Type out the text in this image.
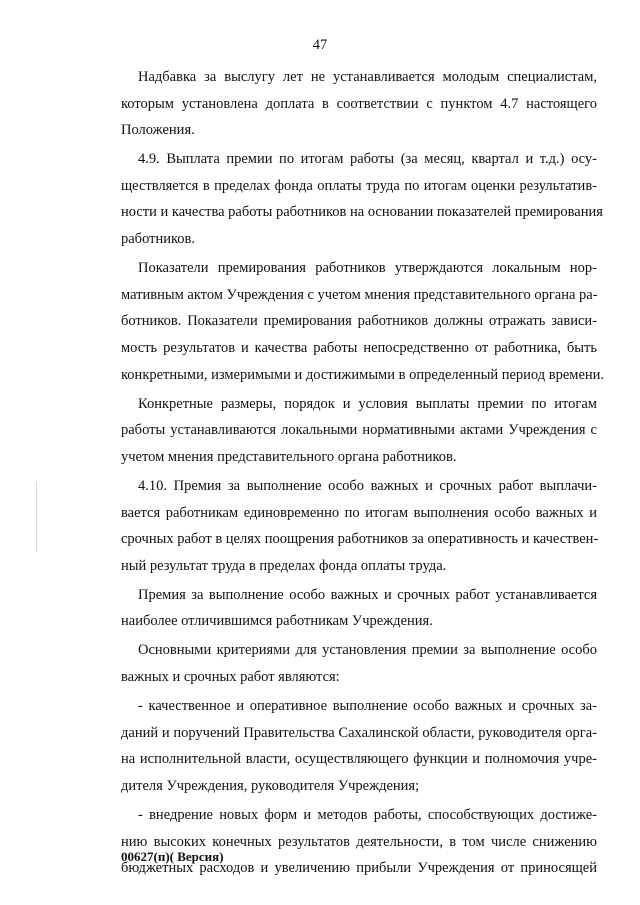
47
Надбавка за выслугу лет не устанавливается молодым специалистам,
которым установлена доплата в соответствии с пунктом 4.7 настоящего
Положения.
4.9. Выплата премии по итогам работы (за месяц, квартал и т.д.) осу-
ществляется в пределах фонда оплаты труда по итогам оценки результатив-
ности и качества работы работников на основании показателей премирования
работников.
Показатели премирования работников утверждаются локальным нор-
мативным актом Учреждения с учетом мнения представительного органа ра-
ботников. Показатели премирования работников должны отражать зависи-
мость результатов и качества работы непосредственно от работника, быть
конкретными, измеримыми и достижимыми в определенный период времени.
Конкретные размеры, порядок и условия выплаты премии по итогам
работы устанавливаются локальными нормативными актами Учреждения с
учетом мнения представительного органа работников.
4.10. Премия за выполнение особо важных и срочных работ выплачи-
вается работникам единовременно по итогам выполнения особо важных и
срочных работ в целях поощрения работников за оперативность и качествен-
ный результат труда в пределах фонда оплаты труда.
Премия за выполнение особо важных и срочных работ устанавливается
наиболее отличившимся работникам Учреждения.
Основными критериями для установления премии за выполнение особо
важных и срочных работ являются:
- качественное и оперативное выполнение особо важных и срочных за-
даний и поручений Правительства Сахалинской области, руководителя орга-
на исполнительной власти, осуществляющего функции и полномочия учре-
дителя Учреждения, руководителя Учреждения;
- внедрение новых форм и методов работы, способствующих достиже-
нию высоких конечных результатов деятельности, в том числе снижению
бюджетных расходов и увеличению прибыли Учреждения от приносящей
00627(п)( Версия)
